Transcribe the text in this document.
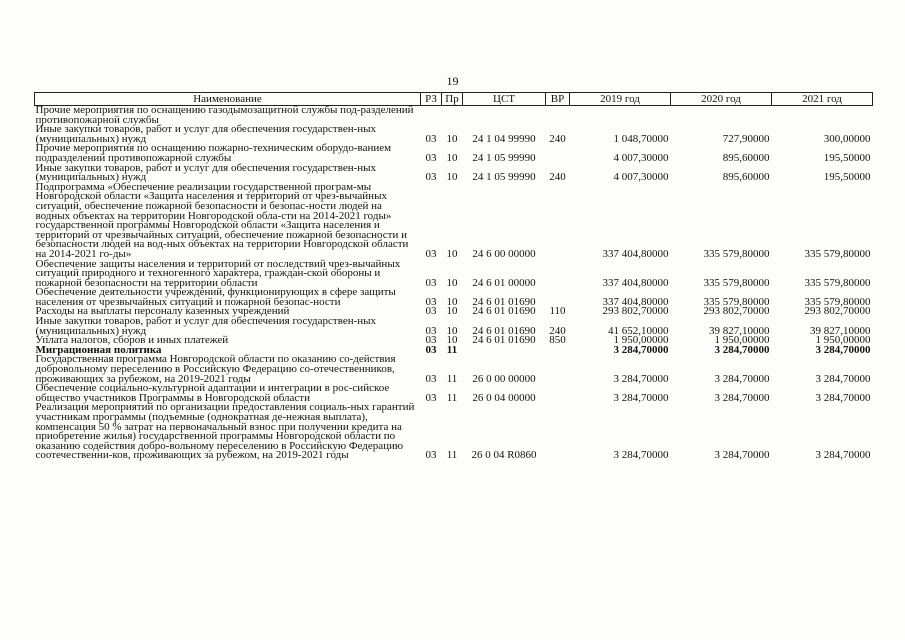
19
Наименование	РЗ	Пр	ЦСТ	ВР	2019 год	2020 год	2021 год
Прочие мероприятия по оснащению газодымозащитной службы под-разделений противопожарной службы							
Иные закупки товаров, работ и услуг для обеспечения государствен-ных (муниципальных) нужд	03	10	24 1 04 99990	240	1 048,70000	727,90000	300,00000
Прочие мероприятия по оснащению пожарно-техническим оборудо-ванием подразделений противопожарной службы	03	10	24 1 05 99990		4 007,30000	895,60000	195,50000
Иные закупки товаров, работ и услуг для обеспечения государствен-ных (муниципальных) нужд	03	10	24 1 05 99990	240	4 007,30000	895,60000	195,50000
Подпрограмма «Обеспечение реализации государственной програм-мы Новгородской области «Защита населения и территорий от чрез-вычайных ситуаций, обеспечение пожарной безопасности и безопас-ности людей на водных объектах на территории Новгородской обла-сти на 2014-2021 годы» государственной программы Новгородской области «Защита населения и территорий от чрезвычайных ситуаций, обеспечение пожарной безопасности и безопасности людей на вод-ных объектах на территории Новгородской области на 2014-2021 го-ды»	03	10	24 6 00 00000		337 404,80000	335 579,80000	335 579,80000
Обеспечение защиты населения и территорий от последствий чрез-вычайных ситуаций природного и техногенного характера, граждан-ской обороны и пожарной безопасности на территории области	03	10	24 6 01 00000		337 404,80000	335 579,80000	335 579,80000
Обеспечение деятельности учреждений, функционирующих в сфере защиты населения от чрезвычайных ситуаций и пожарной безопас-ности	03	10	24 6 01 01690		337 404,80000	335 579,80000	335 579,80000
Расходы на выплаты персоналу казенных учреждений	03	10	24 6 01 01690	110	293 802,70000	293 802,70000	293 802,70000
Иные закупки товаров, работ и услуг для обеспечения государствен-ных (муниципальных) нужд	03	10	24 6 01 01690	240	41 652,10000	39 827,10000	39 827,10000
Уплата налогов, сборов и иных платежей	03	10	24 6 01 01690	850	1 950,00000	1 950,00000	1 950,00000
Миграционная политика	03	11			3 284,70000	3 284,70000	3 284,70000
Государственная программа Новгородской области по оказанию со-действия добровольному переселению в Российскую Федерацию со-отечественников, проживающих за рубежом, на 2019-2021 годы	03	11	26 0 00 00000		3 284,70000	3 284,70000	3 284,70000
Обеспечение социально-культурной адаптации и интеграции в рос-сийское общество участников Программы в Новгородской области	03	11	26 0 04 00000		3 284,70000	3 284,70000	3 284,70000
Реализация мероприятий по организации предоставления социаль-ных гарантий участникам программы (подъемные (однократная де-нежная выплата), компенсация 50 % затрат на первоначальный взнос при получении кредита на приобретение жилья) государственной программы Новгородской области по оказанию содействия добро-вольному переселению в Российскую Федерацию соотечественни-ков, проживающих за рубежом, на 2019-2021 годы	03	11	26 0 04 R0860		3 284,70000	3 284,70000	3 284,70000
